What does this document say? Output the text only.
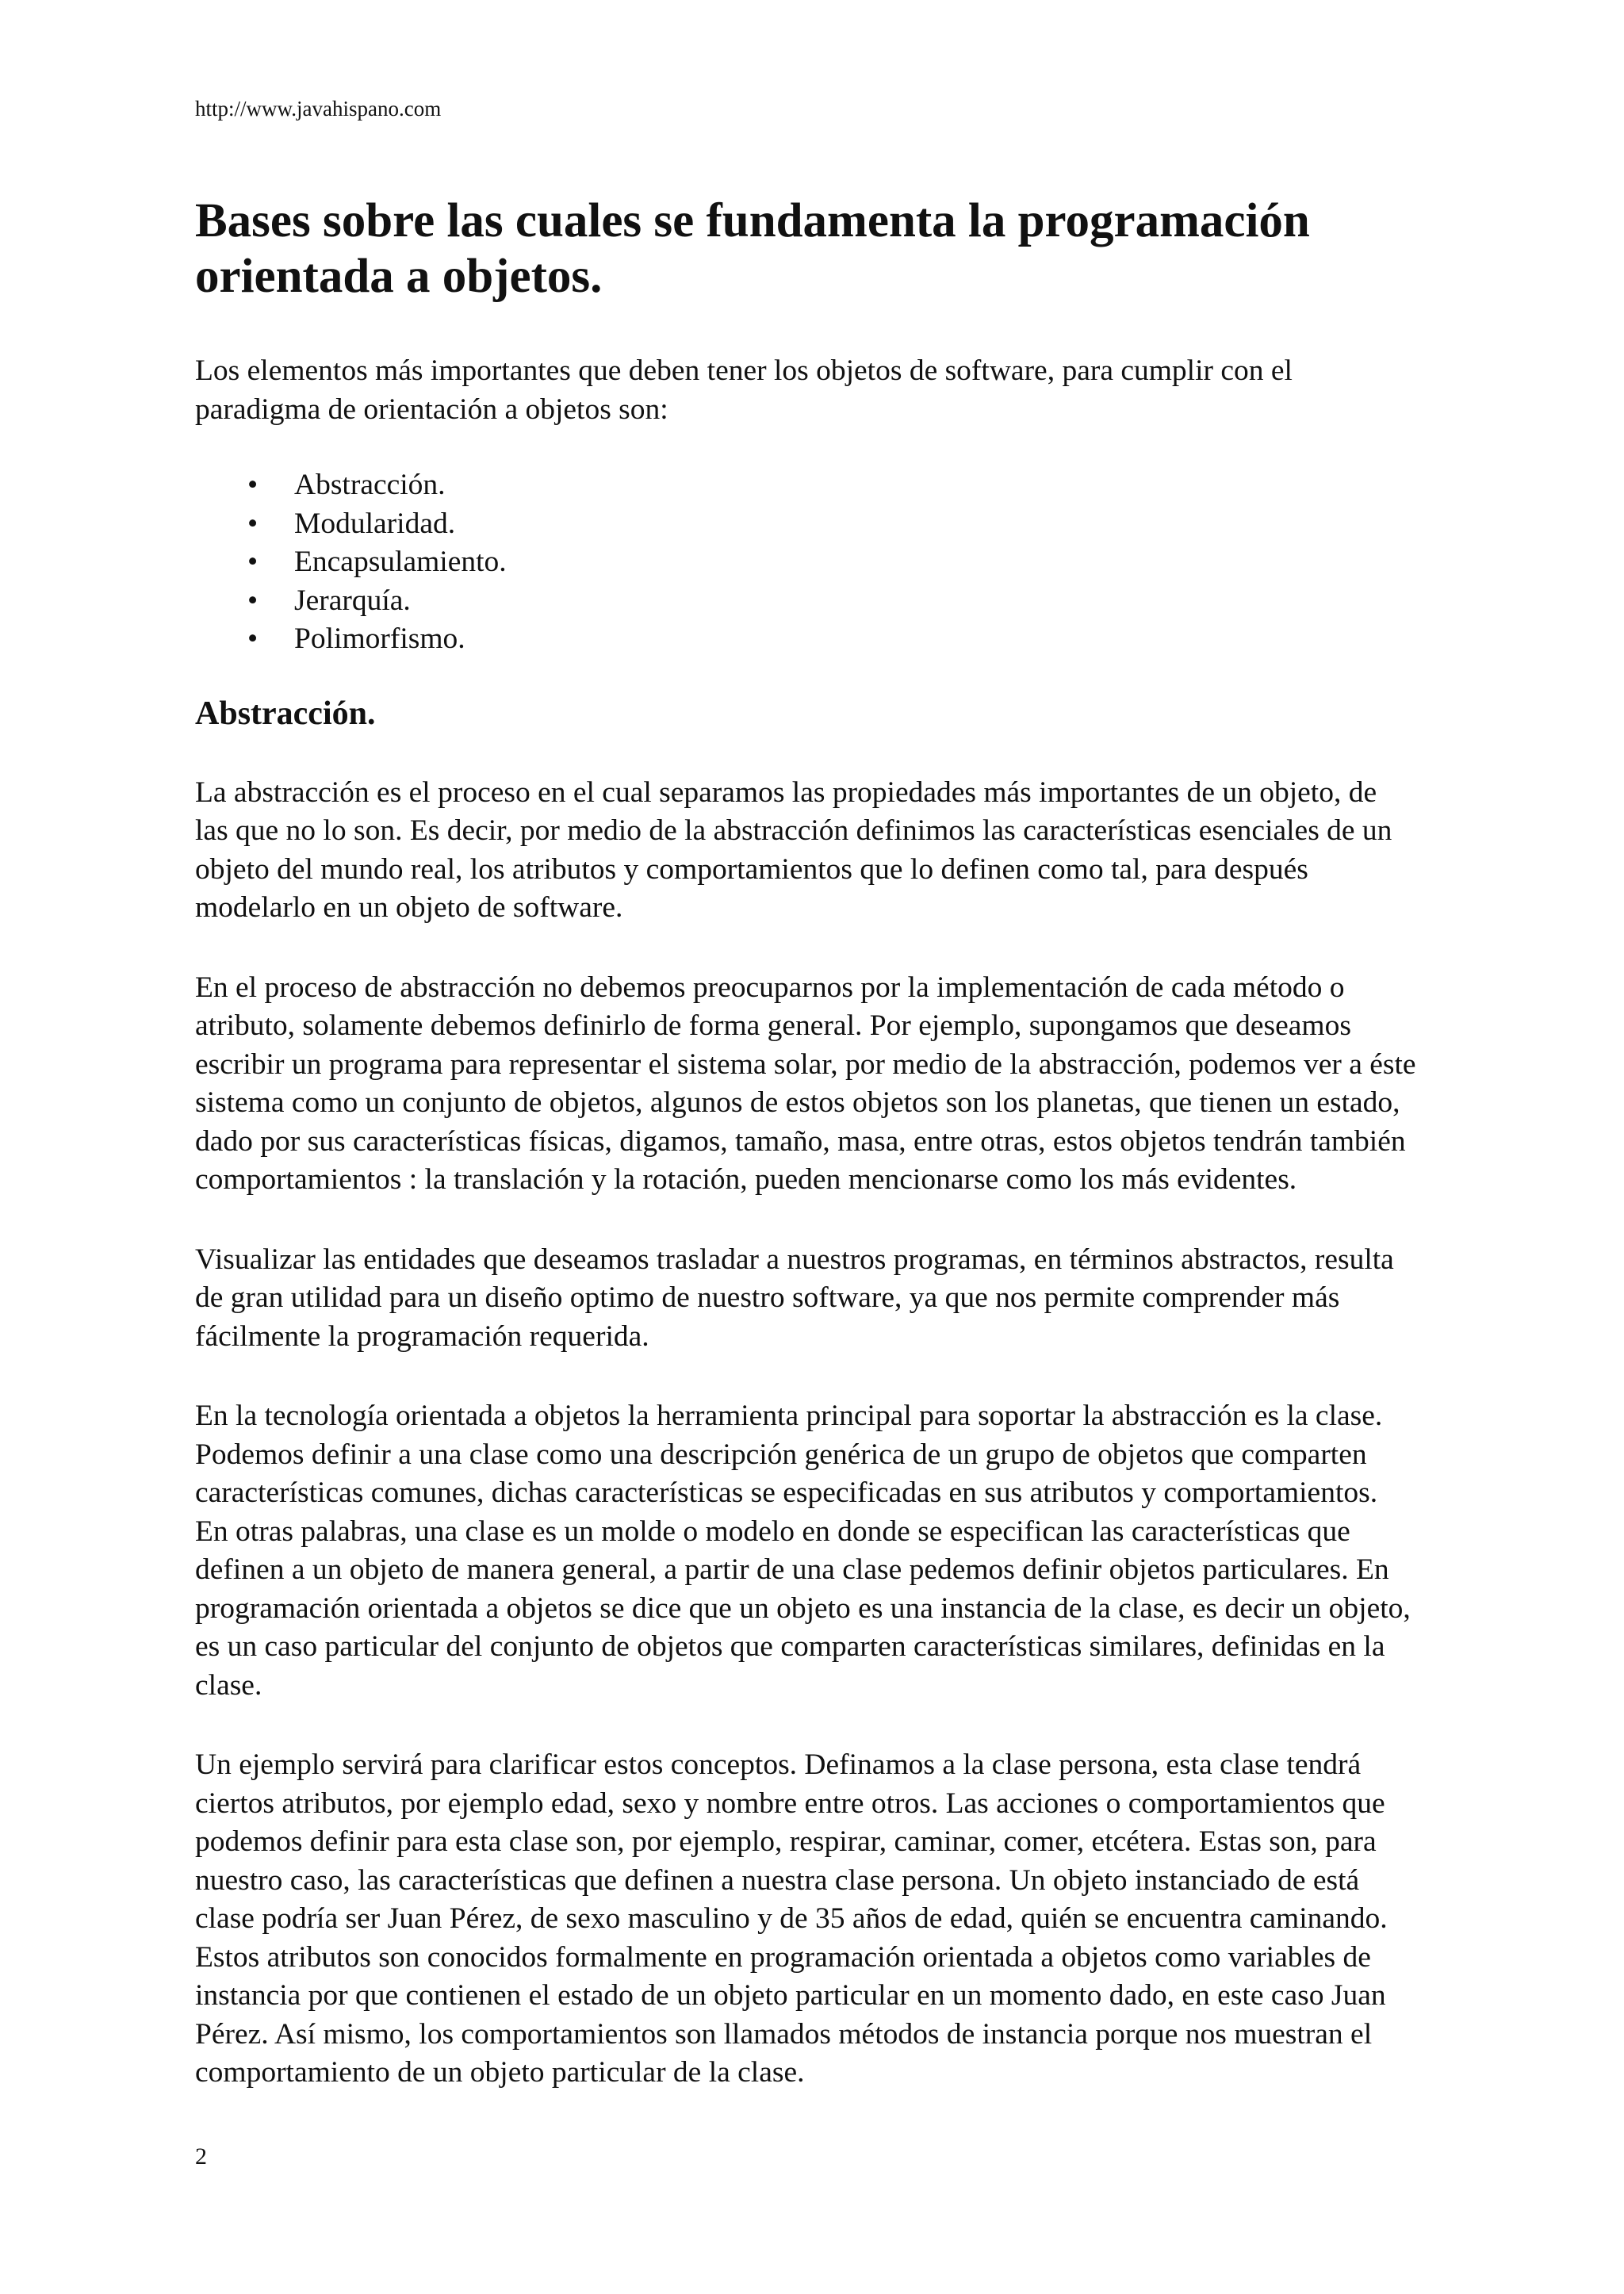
http://www.javahispano.com
Bases sobre las cuales se fundamenta la programación orientada a objetos.

Los elementos más importantes que deben tener los objetos de software, para cumplir con el paradigma de orientación a objetos son:

• Abstracción.
• Modularidad.
• Encapsulamiento.
• Jerarquía.
• Polimorfismo.
Abstracción.

La abstracción es el proceso en el cual separamos las propiedades más importantes de un objeto, de las que no lo son. Es decir, por medio de la abstracción definimos las características esenciales de un objeto del mundo real, los atributos y comportamientos que lo definen como tal, para después modelarlo en un objeto de software.

En el proceso de abstracción no debemos preocuparnos por la implementación de cada método o atributo, solamente debemos definirlo de forma general. Por ejemplo, supongamos que deseamos escribir un programa para representar el sistema solar, por medio de la abstracción, podemos ver a éste sistema como un conjunto de objetos, algunos de estos objetos son los planetas, que tienen un estado, dado por sus características físicas, digamos, tamaño, masa, entre otras, estos objetos tendrán también comportamientos : la translación y la rotación, pueden mencionarse como los más evidentes.

Visualizar las entidades que deseamos trasladar a nuestros programas, en términos abstractos, resulta de gran utilidad para un diseño optimo de nuestro software, ya que nos permite comprender más fácilmente la programación requerida.

En la tecnología orientada a objetos la herramienta principal para soportar la abstracción es la clase. Podemos definir a una clase como una descripción genérica de un grupo de objetos que comparten características comunes, dichas características se especificadas en sus atributos y comportamientos. En otras palabras, una clase es un molde o modelo en donde se especifican las características que definen a un objeto de manera general, a partir de una clase pedemos definir objetos particulares. En programación orientada a objetos se dice que un objeto es una instancia de la clase, es decir un objeto, es un caso particular del conjunto de objetos que comparten características similares, definidas en la clase.

Un ejemplo servirá para clarificar estos conceptos. Definamos a la clase persona, esta clase tendrá ciertos atributos, por ejemplo edad, sexo y nombre entre otros. Las acciones o comportamientos que podemos definir para esta clase son, por ejemplo, respirar, caminar, comer, etcétera. Estas son, para nuestro caso, las características que definen a nuestra clase persona. Un objeto instanciado de está clase podría ser Juan Pérez, de sexo masculino y de 35 años de edad, quién se encuentra caminando. Estos atributos son conocidos formalmente en programación orientada a objetos como variables de instancia por que contienen el estado de un objeto particular en un momento dado, en este caso Juan Pérez. Así mismo, los comportamientos son llamados métodos de instancia porque nos muestran el comportamiento de un objeto particular de la clase.

2
